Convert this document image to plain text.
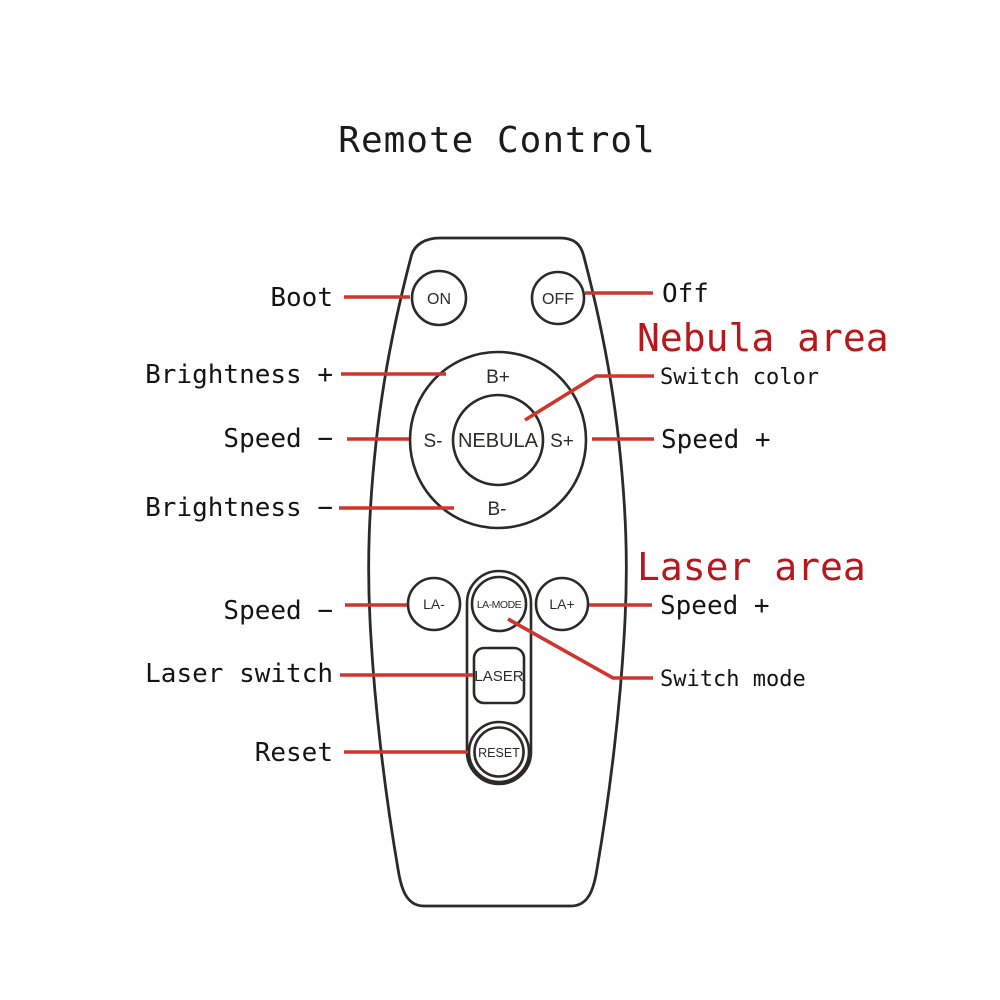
Remote Control
ON	OFF
B+
S-	S+
B-
NEBULA
LA-	LA-MODE LA+
LASER
RESET
Boot
Brightness +
Speed −
Brightness −
Speed −
Laser switch
Reset
Off
Nebula area
Switch color
Speed +
Laser area
Speed +
Switch mode
